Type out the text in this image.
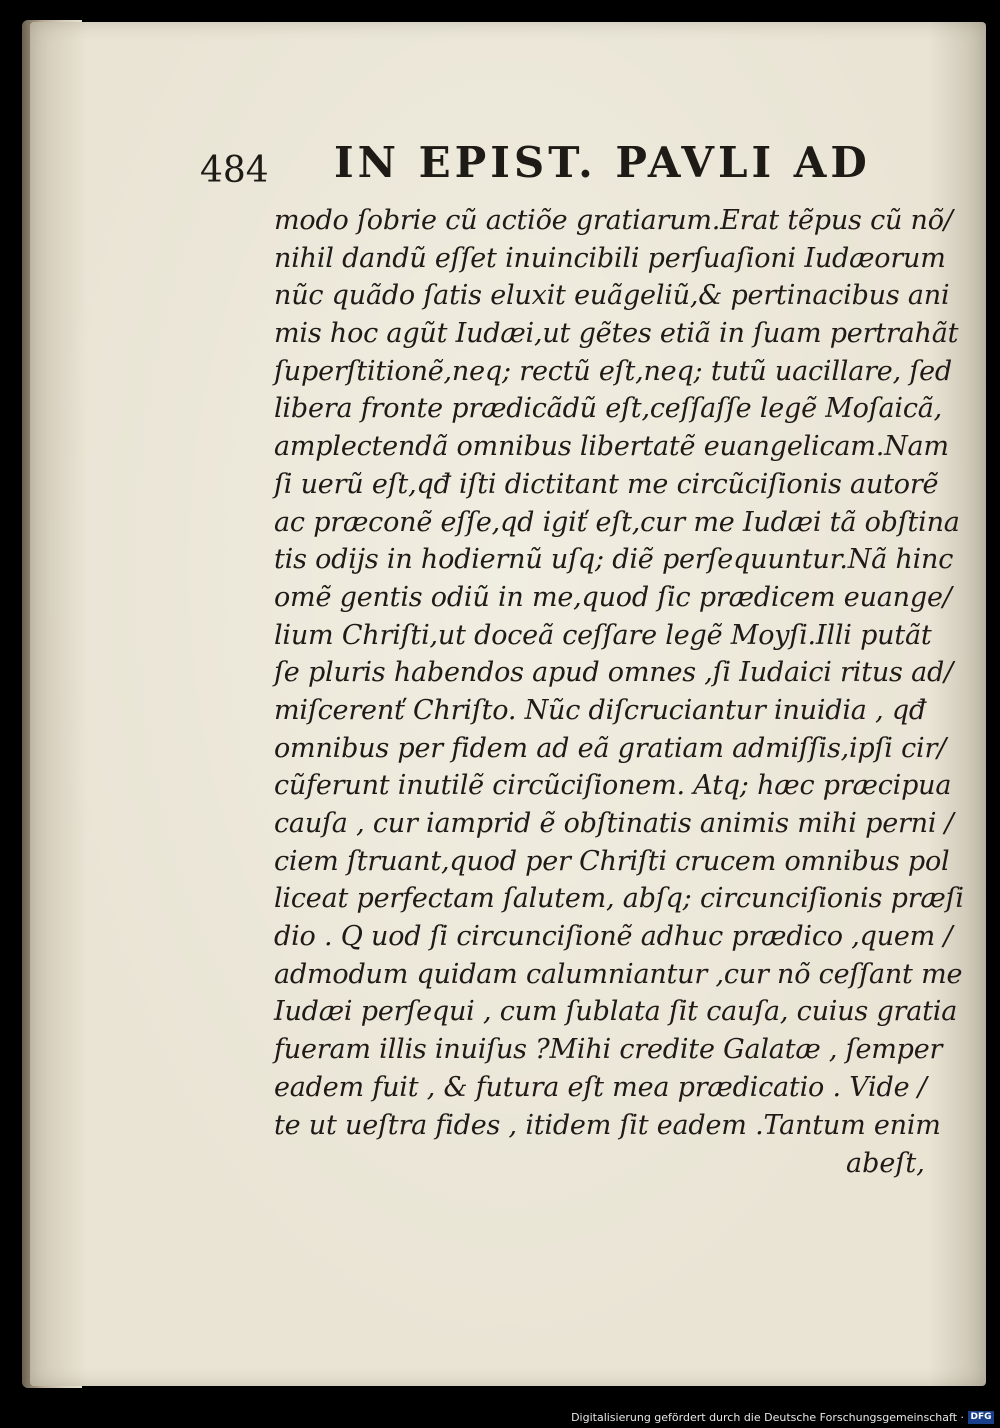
484 IN EPIST. PAVLI AD
modo ſobrie cũ actiõe gratiarum.Erat tẽpus cũ nõ/
nihil dandũ eſſet inuincibili perſuaſioni Iudæorum
nũc quãdo ſatis eluxit euãgeliũ,& pertinacibus ani
mis hoc agũt Iudæi,ut gẽtes etiã in ſuam pertrahãt
ſuperſtitionẽ,neq; rectũ eſt,neq; tutũ uacillare, ſed
libera fronte prædicãdũ eſt,ceſſaſſe legẽ Moſaicã,
amplectendã omnibus libertatẽ euangelicam.Nam
ſi uerũ eſt,qđ iſti dictitant me circũciſionis autorẽ
ac præconẽ eſſe,qd igiť eſt,cur me Iudæi tã obſtina
tis odijs in hodiernũ uſq; diẽ perſequuntur.Nã hinc
omẽ gentis odiũ in me,quod ſic prædicem euange/
lium Chriſti,ut doceã ceſſare legẽ Moyſi.Illi putãt
ſe pluris habendos apud omnes ,ſi Iudaici ritus ad/
miſcerenť Chriſto. Nũc diſcruciantur inuidia , qđ
omnibus per fidem ad eã gratiam admiſſis,ipſi cir/
cũferunt inutilẽ circũciſionem. Atq; hæc præcipua
cauſa , cur iamprid ẽ obſtinatis animis mihi perni /
ciem ſtruant,quod per Chriſti crucem omnibus pol
liceat perfectam ſalutem, abſq; circunciſionis præſi
dio . Q uod ſi circunciſionẽ adhuc prædico ,quem /
admodum quidam calumniantur ,cur nõ ceſſant me
Iudæi perſequi , cum ſublata ſit cauſa, cuius gratia
fueram illis inuiſus ?Mihi credite Galatæ , ſemper
eadem fuit , & futura eſt mea prædicatio . Vide /
te ut ueſtra fides , itidem ſit eadem .Tantum enim
abeſt,
Digitalisierung gefördert durch die Deutsche Forschungsgemeinschaft · DFG
